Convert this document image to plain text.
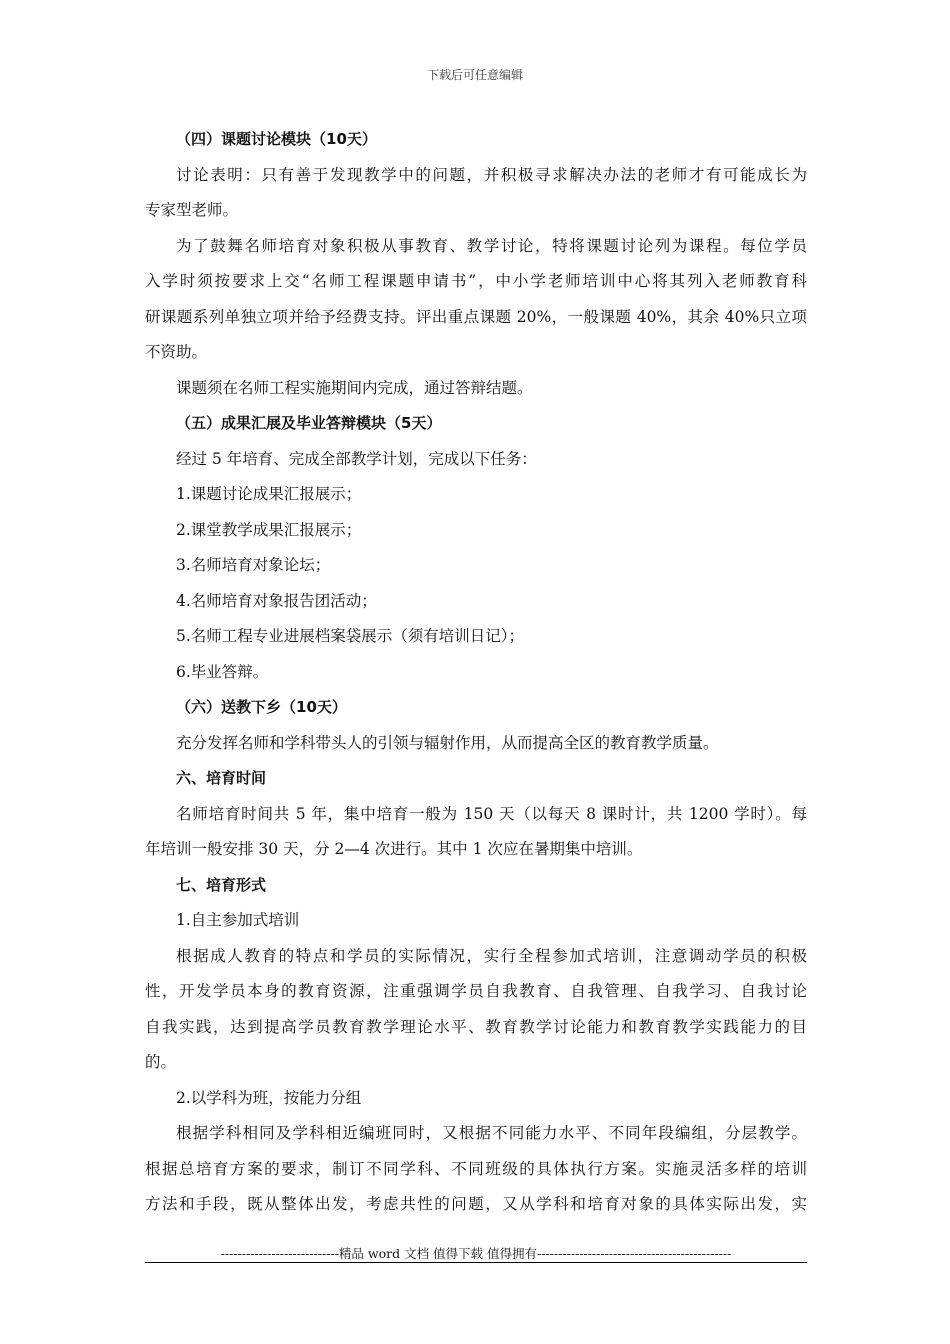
下载后可任意编辑
（四）课题讨论模块（10天）
讨论表明：只有善于发现教学中的问题，并积极寻求解决办法的老师才有可能成长为
专家型老师。
为了鼓舞名师培育对象积极从事教育、教学讨论，特将课题讨论列为课程。每位学员
入学时须按要求上交“名师工程课题申请书”，中小学老师培训中心将其列入老师教育科
研课题系列单独立项并给予经费支持。评出重点课题 20%，一般课题 40%，其余 40%只立项
不资助。
课题须在名师工程实施期间内完成，通过答辩结题。
（五）成果汇展及毕业答辩模块（5天）
经过 5 年培育、完成全部教学计划，完成以下任务：
1.课题讨论成果汇报展示；
2.课堂教学成果汇报展示；
3.名师培育对象论坛；
4.名师培育对象报告团活动；
5.名师工程专业进展档案袋展示（须有培训日记）；
6.毕业答辩。
（六）送教下乡（10天）
充分发挥名师和学科带头人的引领与辐射作用，从而提高全区的教育教学质量。
六、培育时间
名师培育时间共 5 年，集中培育一般为 150 天（以每天 8 课时计，共 1200 学时）。每
年培训一般安排 30 天，分 2—4 次进行。其中 1 次应在暑期集中培训。
七、培育形式
1.自主参加式培训
根据成人教育的特点和学员的实际情况，实行全程参加式培训，注意调动学员的积极
性，开发学员本身的教育资源，注重强调学员自我教育、自我管理、自我学习、自我讨论
自我实践，达到提高学员教育教学理论水平、教育教学讨论能力和教育教学实践能力的目
的。
2.以学科为班，按能力分组
根据学科相同及学科相近编班同时，又根据不同能力水平、不同年段编组，分层教学。
根据总培育方案的要求，制订不同学科、不同班级的具体执行方案。实施灵活多样的培训
方法和手段，既从整体出发，考虑共性的问题，又从学科和培育对象的具体实际出发，实
----------------------------精品 word 文档 值得下载 值得拥有----------------------------------------------
